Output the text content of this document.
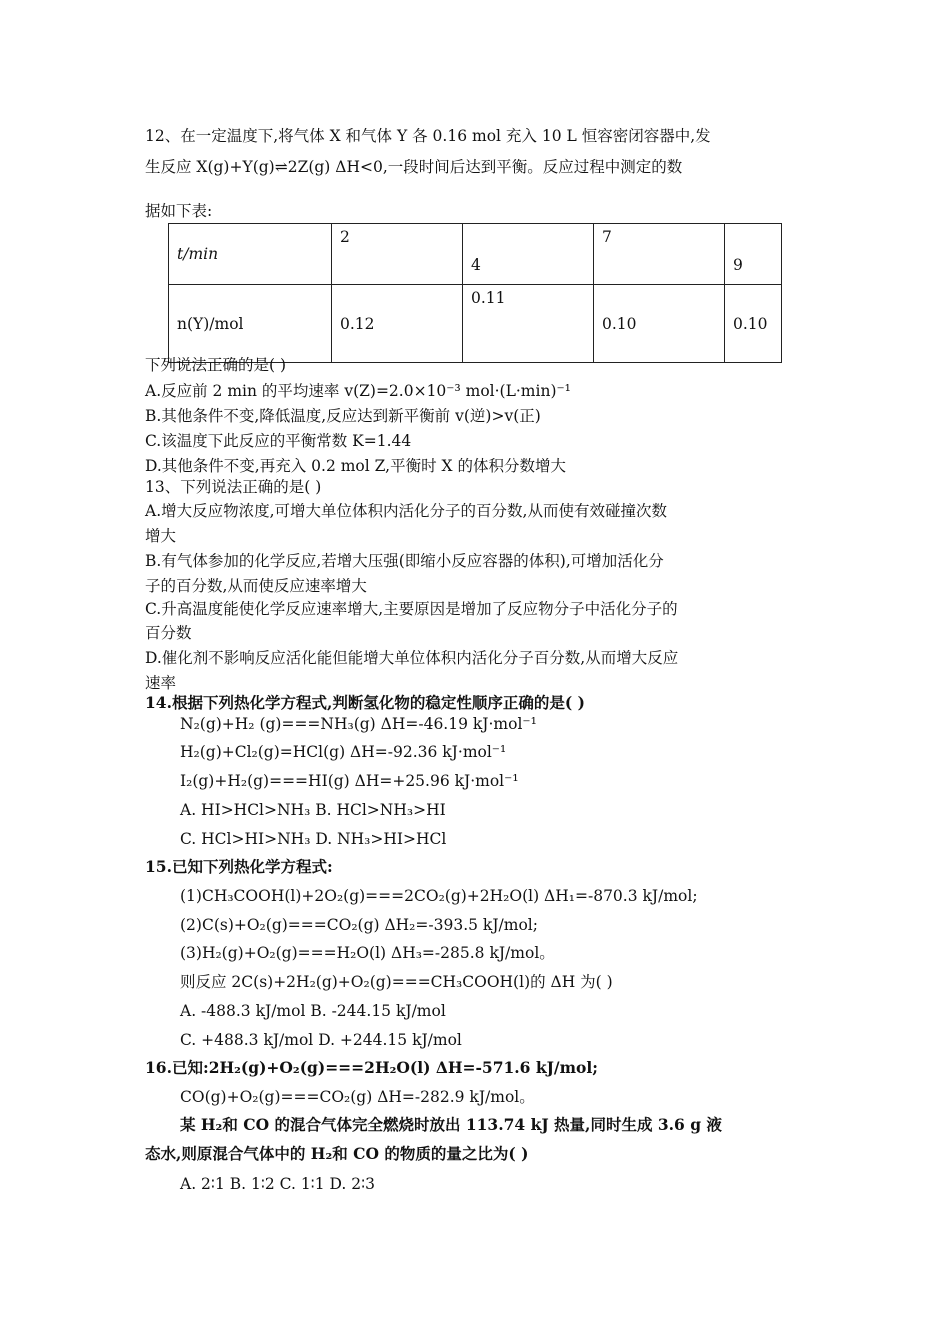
12、在一定温度下,将气体 X 和气体 Y 各 0.16 mol 充入 10 L 恒容密闭容器中,发
生反应 X(g)+Y(g)⇌2Z(g) ΔH<0,一段时间后达到平衡。反应过程中测定的数
据如下表:
t/min	2	4	7	9
n(Y)/mol	0.12	0.11	0.10	0.10
下列说法正确的是( )
A.反应前 2 min 的平均速率 v(Z)=2.0×10⁻³ mol·(L·min)⁻¹
B.其他条件不变,降低温度,反应达到新平衡前 v(逆)>v(正)
C.该温度下此反应的平衡常数 K=1.44
D.其他条件不变,再充入 0.2 mol Z,平衡时 X 的体积分数增大
13、下列说法正确的是( )
A.增大反应物浓度,可增大单位体积内活化分子的百分数,从而使有效碰撞次数
增大
B.有气体参加的化学反应,若增大压强(即缩小反应容器的体积),可增加活化分
子的百分数,从而使反应速率增大
C.升高温度能使化学反应速率增大,主要原因是增加了反应物分子中活化分子的
百分数
D.催化剂不影响反应活化能但能增大单位体积内活化分子百分数,从而增大反应
速率
14.根据下列热化学方程式,判断氢化物的稳定性顺序正确的是( )
N₂(g)+H₂ (g)===NH₃(g) ΔH=-46.19 kJ·mol⁻¹
H₂(g)+Cl₂(g)=HCl(g) ΔH=-92.36 kJ·mol⁻¹
I₂(g)+H₂(g)===HI(g) ΔH=+25.96 kJ·mol⁻¹
A. HI>HCl>NH₃ B. HCl>NH₃>HI
C. HCl>HI>NH₃ D. NH₃>HI>HCl
15.已知下列热化学方程式:
(1)CH₃COOH(l)+2O₂(g)===2CO₂(g)+2H₂O(l) ΔH₁=-870.3 kJ/mol;
(2)C(s)+O₂(g)===CO₂(g) ΔH₂=-393.5 kJ/mol;
(3)H₂(g)+O₂(g)===H₂O(l) ΔH₃=-285.8 kJ/mol。
则反应 2C(s)+2H₂(g)+O₂(g)===CH₃COOH(l)的 ΔH 为( )
A. -488.3 kJ/mol B. -244.15 kJ/mol
C. +488.3 kJ/mol D. +244.15 kJ/mol
16.已知:2H₂(g)+O₂(g)===2H₂O(l) ΔH=-571.6 kJ/mol;
CO(g)+O₂(g)===CO₂(g) ΔH=-282.9 kJ/mol。
某 H₂和 CO 的混合气体完全燃烧时放出 113.74 kJ 热量,同时生成 3.6 g 液
态水,则原混合气体中的 H₂和 CO 的物质的量之比为( )
A. 2∶1 B. 1∶2 C. 1∶1 D. 2∶3
